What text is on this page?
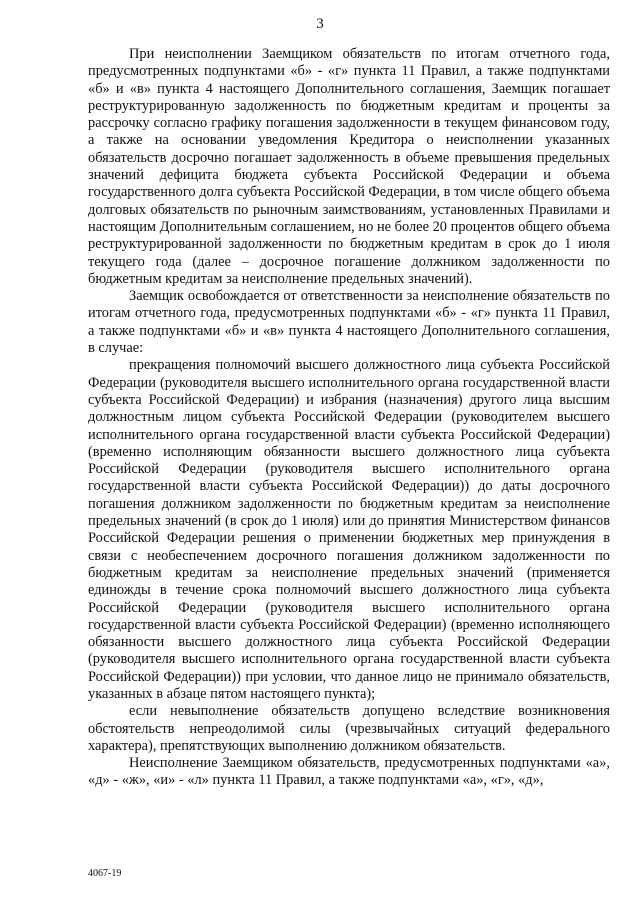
3

При неисполнении Заемщиком обязательств по итогам отчетного года, предусмотренных подпунктами «б» - «г» пункта 11 Правил, а также подпунктами «б» и «в» пункта 4 настоящего Дополнительного соглашения, Заемщик погашает реструктурированную задолженность по бюджетным кредитам и проценты за рассрочку согласно графику погашения задолженности в текущем финансовом году, а также на основании уведомления Кредитора о неисполнении указанных обязательств досрочно погашает задолженность в объеме превышения предельных значений дефицита бюджета субъекта Российской Федерации и объема государственного долга субъекта Российской Федерации, в том числе общего объема долговых обязательств по рыночным заимствованиям, установленных Правилами и настоящим Дополнительным соглашением, но не более 20 процентов общего объема реструктурированной задолженности по бюджетным кредитам в срок до 1 июля текущего года (далее – досрочное погашение должником задолженности по бюджетным кредитам за неисполнение предельных значений).

Заемщик освобождается от ответственности за неисполнение обязательств по итогам отчетного года, предусмотренных подпунктами «б» - «г» пункта 11 Правил, а также подпунктами «б» и «в» пункта 4 настоящего Дополнительного соглашения, в случае:

прекращения полномочий высшего должностного лица субъекта Российской Федерации (руководителя высшего исполнительного органа государственной власти субъекта Российской Федерации) и избрания (назначения) другого лица высшим должностным лицом субъекта Российской Федерации (руководителем высшего исполнительного органа государственной власти субъекта Российской Федерации) (временно исполняющим обязанности высшего должностного лица субъекта Российской Федерации (руководителя высшего исполнительного органа государственной власти субъекта Российской Федерации)) до даты досрочного погашения должником задолженности по бюджетным кредитам за неисполнение предельных значений (в срок до 1 июля) или до принятия Министерством финансов Российской Федерации решения о применении бюджетных мер принуждения в связи с необеспечением досрочного погашения должником задолженности по бюджетным кредитам за неисполнение предельных значений (применяется единожды в течение срока полномочий высшего должностного лица субъекта Российской Федерации (руководителя высшего исполнительного органа государственной власти субъекта Российской Федерации) (временно исполняющего обязанности высшего должностного лица субъекта Российской Федерации (руководителя высшего исполнительного органа государственной власти субъекта Российской Федерации)) при условии, что данное лицо не принимало обязательств, указанных в абзаце пятом настоящего пункта);

если невыполнение обязательств допущено вследствие возникновения обстоятельств непреодолимой силы (чрезвычайных ситуаций федерального характера), препятствующих выполнению должником обязательств.

Неисполнение Заемщиком обязательств, предусмотренных подпунктами «а», «д» - «ж», «и» - «л» пункта 11 Правил, а также подпунктами «а», «г», «д»,

4067-19
